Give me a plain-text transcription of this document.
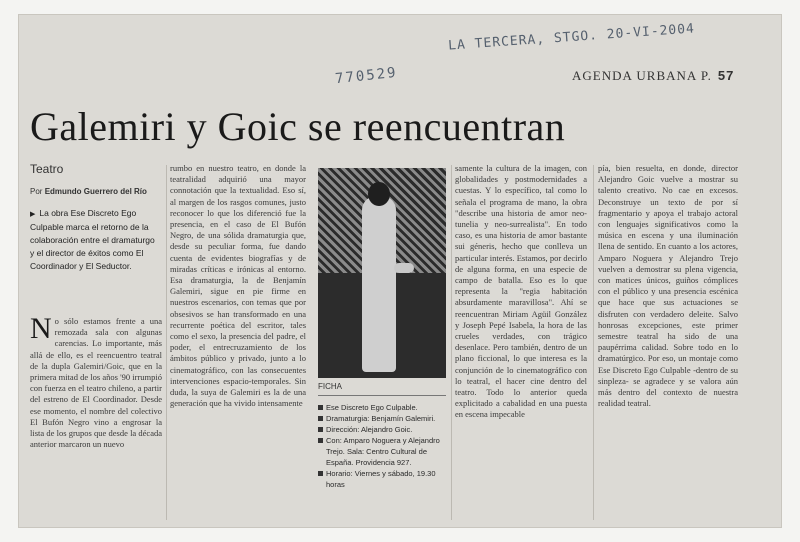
LA TERCERA, STGO. 20-VI-2004
770529	AGENDA URBANA P. 57
Galemiri y Goic se reencuentran
Teatro
Por Edmundo Guerrero del Río
▶ La obra Ese Discreto Ego Culpable marca el retorno de la colaboración entre el dramaturgo y el director de éxitos como El Coordinador y El Seductor.
No sólo estamos frente a una remozada sala con algunas carencias. Lo importante, más allá de ello, es el reencuentro teatral de la dupla Galemiri/Goic, que en la primera mitad de los años '90 irrumpió con fuerza en el teatro chileno, a partir del estreno de El Coordinador. Desde ese momento, el nombre del colectivo El Bufón Negro vino a engrosar la lista de los grupos que desde la década anterior marcaron un nuevo
rumbo en nuestro teatro, en donde la teatralidad adquirió una mayor connotación que la textualidad. Eso sí, al margen de los rasgos comunes, justo reconocer lo que los diferenció fue la presencia, en el caso de El Bufón Negro, de una sólida dramaturgia que, desde su peculiar forma, fue dando cuenta de evidentes biografías y de miradas críticas e irónicas al entorno. Esa dramaturgia, la de Benjamín Galemiri, sigue en pie firme en nuestros escenarios, con temas que por obsesivos se han transformado en una recurrente poética del escritor, tales como el sexo, la presencia del padre, el poder, el entrecruzamiento de los ámbitos público y privado, junto a lo cinematográfico, con las consecuentes intervenciones espacio-temporales. Sin duda, la suya de Galemiri es la de una generación que ha vivido intensamente
FICHA
Ese Discreto Ego Culpable.
Dramaturgia: Benjamín Galemiri.
Dirección: Alejandro Goic.
Con: Amparo Noguera y Alejandro Trejo. Sala: Centro Cultural de España. Providencia 927.
Horario: Viernes y sábado, 19.30 horas
samente la cultura de la imagen, con globalidades y postmodernidades a cuestas. Y lo específico, tal como lo señala el programa de mano, la obra "describe una historia de amor neo-tunelia y neo-surrealista". En todo caso, es una historia de amor bastante sui géneris, hecho que conlleva un particular interés. Estamos, por decirlo de alguna forma, en una especie de campo de batalla. Eso es lo que representa la "regia habitación absurdamente maravillosa". Ahí se reencuentran Miriam Agüil González y Joseph Pepé Isabela, la hora de las crueles verdades, con trágico desenlace. Pero también, dentro de un plano ficcional, lo que interesa es la conjunción de lo cinematográfico con lo teatral, el hacer cine dentro del teatro. Todo lo anterior queda explicitado a cabalidad en una puesta en escena impecable
pía, bien resuelta, en donde, director Alejandro Goic vuelve a mostrar su talento creativo. No cae en excesos. Deconstruye un texto de por sí fragmentario y apoya el trabajo actoral con lenguajes significativos como la música en escena y una iluminación llena de sentido. En cuanto a los actores, Amparo Noguera y Alejandro Trejo vuelven a demostrar su plena vigencia, con matices únicos, guiños cómplices con el público y una presencia escénica que hace que sus actuaciones se disfruten con verdadero deleite. Salvo honrosas excepciones, este primer semestre teatral ha sido de una paupérrima calidad. Sobre todo en lo dramatúrgico. Por eso, un montaje como Ese Discreto Ego Culpable -dentro de su sinpleza- se agradece y se valora aún más dentro del contexto de nuestra realidad teatral.
